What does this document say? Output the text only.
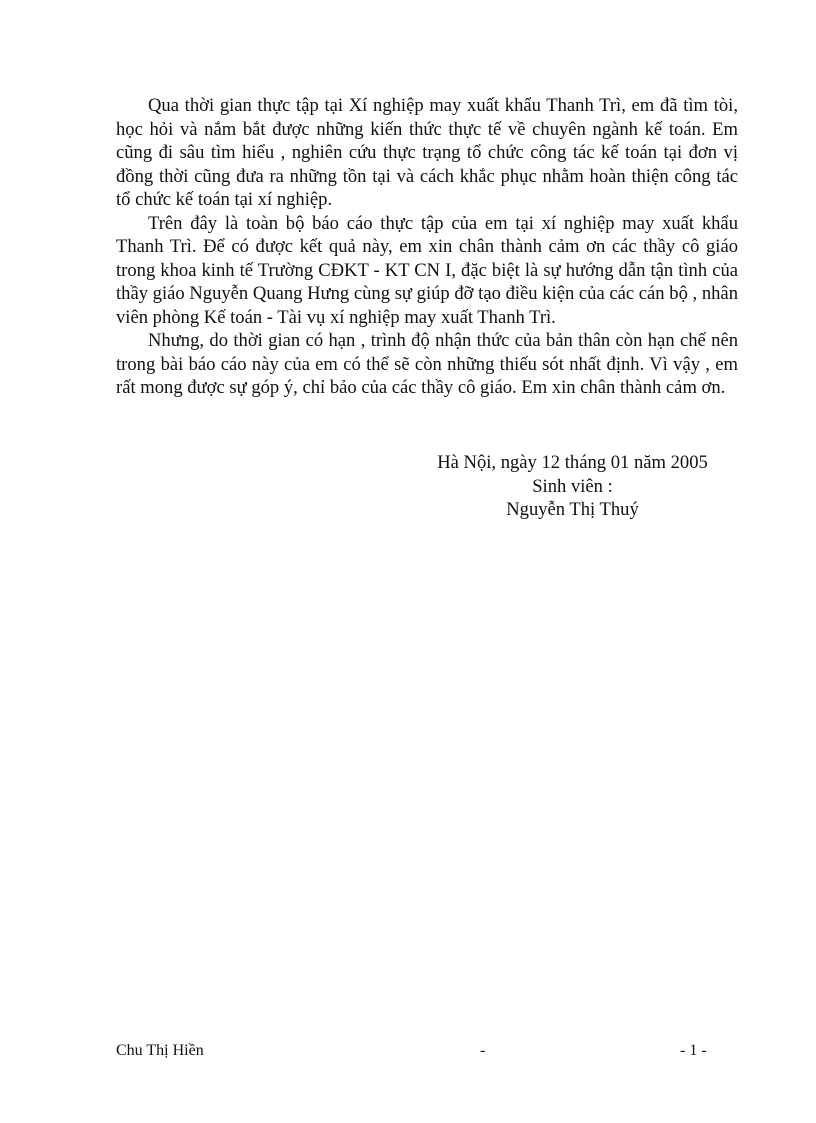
Qua thời gian thực tập tại Xí nghiệp may xuất khẩu Thanh Trì, em đã tìm tòi, học hỏi và nắm bắt được những kiến thức thực tế về chuyên ngành kế toán. Em cũng đi sâu tìm hiểu , nghiên cứu thực trạng tổ chức công tác kế toán tại đơn vị đồng thời cũng đưa ra những tồn tại và cách khắc phục nhằm hoàn thiện công tác tổ chức kế toán tại xí nghiệp.

Trên đây là toàn bộ báo cáo thực tập của em tại xí nghiệp may xuất khẩu Thanh Trì. Để có được kết quả này, em xin chân thành cảm ơn các thầy cô giáo trong khoa kinh tế Trường CĐKT - KT CN I, đặc biệt là sự hướng dẫn tận tình của thầy giáo Nguyễn Quang Hưng cùng sự giúp đỡ tạo điều kiện của các cán bộ , nhân viên phòng Kế toán - Tài vụ xí nghiệp may xuất Thanh Trì.

Nhưng, do thời gian có hạn , trình độ nhận thức của bản thân còn hạn chế nên trong bài báo cáo này của em có thể sẽ còn những thiếu sót nhất định. Vì vậy , em rất mong được sự góp ý, chỉ bảo của các thầy cô giáo. Em xin chân thành cảm ơn.

Hà Nội, ngày 12 tháng 01 năm 2005
Sinh viên :
Nguyễn Thị Thuý
Chu Thị Hiền	-	- 1 -
